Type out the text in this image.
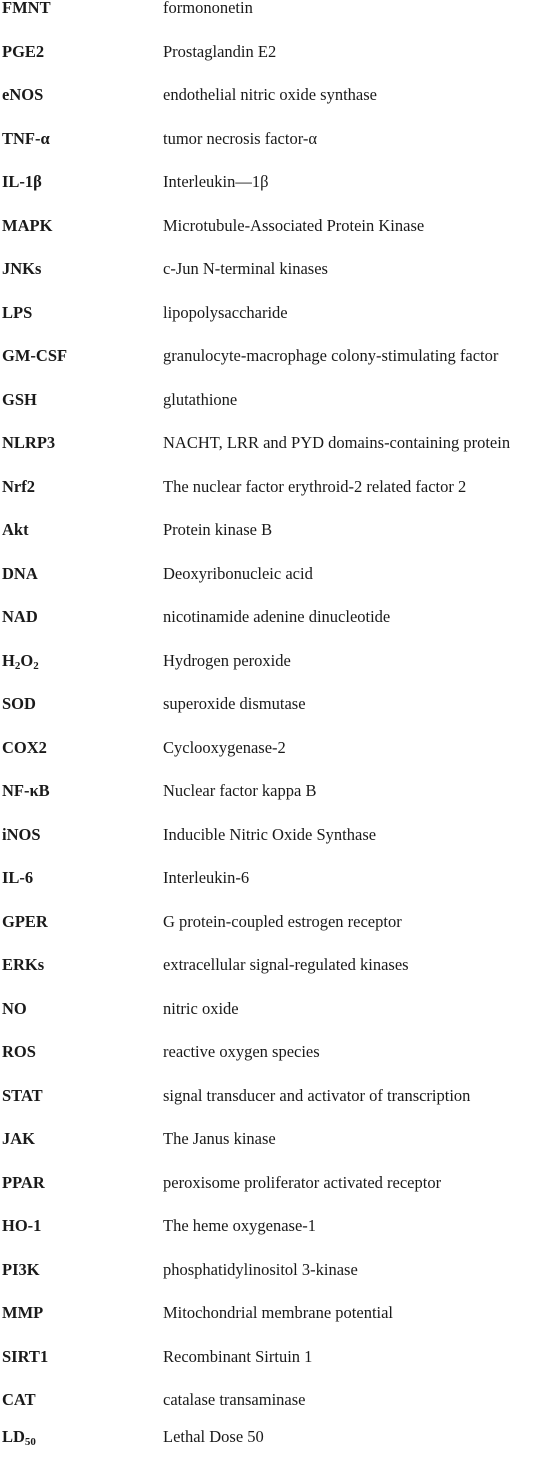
FMNT	formononetin
PGE2	Prostaglandin E2
eNOS	endothelial nitric oxide synthase
TNF-α	tumor necrosis factor-α
IL-1β	Interleukin—1β
MAPK	Microtubule-Associated Protein Kinase
JNKs	c-Jun N-terminal kinases
LPS	lipopolysaccharide
GM-CSF	granulocyte-macrophage colony-stimulating factor
GSH	glutathione
NLRP3	NACHT, LRR and PYD domains-containing protein
Nrf2	The nuclear factor erythroid-2 related factor 2
Akt	Protein kinase B
DNA	Deoxyribonucleic acid
NAD	nicotinamide adenine dinucleotide
$H_2O_2$	Hydrogen peroxide
SOD	superoxide dismutase
COX2	Cyclooxygenase-2
NF-κB	Nuclear factor kappa B
iNOS	Inducible Nitric Oxide Synthase
IL-6	Interleukin-6
GPER	G protein-coupled estrogen receptor
ERKs	extracellular signal-regulated kinases
NO	nitric oxide
ROS	reactive oxygen species
STAT	signal transducer and activator of transcription
JAK	The Janus kinase
PPAR	peroxisome proliferator activated receptor
HO-1	The heme oxygenase-1
PI3K	phosphatidylinositol 3-kinase
MMP	Mitochondrial membrane potential
SIRT1	Recombinant Sirtuin 1
CAT	catalase transaminase
$LD_{50}$	Lethal Dose 50
